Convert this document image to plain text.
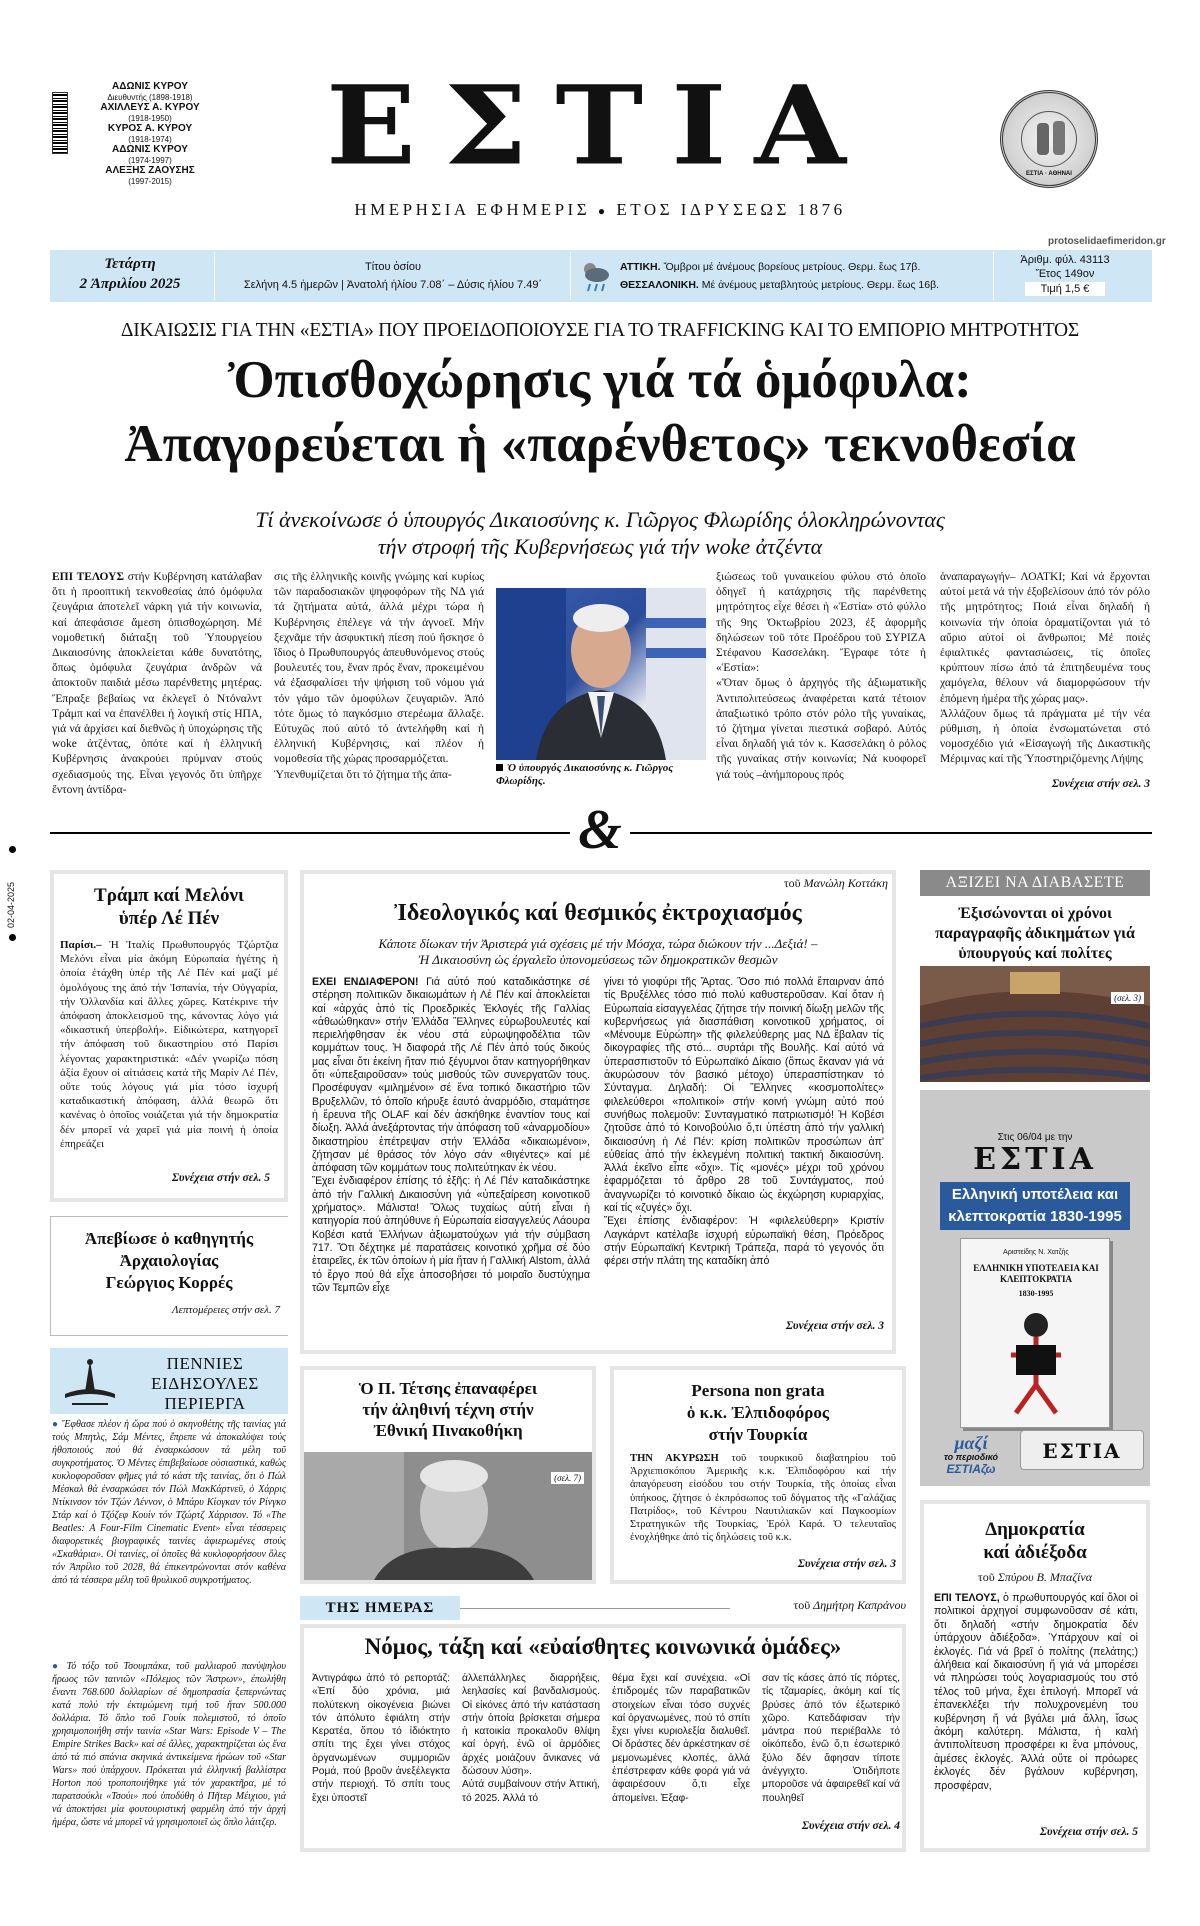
ΑΔΩΝΙΣ ΚΥΡΟΥ
Διευθυντής (1898-1918)
ΑΧΙΛΛΕΥΣ Α. ΚΥΡΟΥ
(1918-1950)
ΚΥΡΟΣ Α. ΚΥΡΟΥ
(1918-1974)
ΑΔΩΝΙΣ ΚΥΡΟΥ
(1974-1997)
ΑΛΕΞΗΣ ΖΑΟΥΣΗΣ
(1997-2015)	ΕΣΤΙΑ
ΗΜΕΡΗΣΙΑ ΕΦΗΜΕΡΙΣ ● ΕΤΟΣ ΙΔΡΥΣΕΩΣ 1876
ΕΣΤΙΑ · ΑΘΗΝΑΙ
protoselidaefimeridon.gr
Τετάρτη
2 Ἀπριλίου 2025
Τίτου ὁσίου
Σελήνη 4.5 ἡμερῶν | Ἀνατολή ἡλίου 7.08΄ – Δύσις ἡλίου 7.49΄
ΑΤΤΙΚΗ. Ὄμβροι μέ ἀνέμους βορείους μετρίους. Θερμ. ἕως 17β.
ΘΕΣΣΑΛΟΝΙΚΗ. Μέ ἀνέμους μεταβλητούς μετρίους. Θερμ. ἕως 16β.
Ἀριθμ. φύλ. 43113
Ἔτος 149ον
Τιμή 1,5 €
02-04-2025
ΔΙΚΑΙΩΣΙΣ ΓΙΑ ΤΗΝ «ΕΣΤΙΑ» ΠΟΥ ΠΡΟΕΙΔΟΠΟΙΟΥΣΕ ΓΙΑ ΤΟ TRAFFICKING ΚΑΙ ΤΟ ΕΜΠΟΡΙΟ ΜΗΤΡΟΤΗΤΟΣ
Ὀπισθοχώρησις γιά τά ὁμόφυλα:
Ἀπαγορεύεται ἡ «παρένθετος» τεκνοθεσία
Τί ἀνεκοίνωσε ὁ ὑπουργός Δικαιοσύνης κ. Γιῶργος Φλωρίδης ὁλοκληρώνοντας
τήν στροφή τῆς Κυβερνήσεως γιά τήν woke ἀτζέντα

ΕΠΙ ΤΕΛΟΥΣ στήν Κυβέρνηση κατάλαβαν ὅτι ἡ προοπτική τεκνοθεσίας ἀπό ὁμόφυλα ζευγάρια ἀποτελεῖ νάρκη γιά τήν κοινωνία, καί ἀπεφάσισε ἄμεση ὀπισθοχώρηση. Μέ νομοθετική διάταξη τοῦ Ὑπουργείου Δικαιοσύνης ἀποκλείεται κάθε δυνατότης, ὅπως ὁμόφυλα ζευγάρια ἀνδρῶν νά ἀποκτοῦν παιδιά μέσω παρένθετης μητέρας. Ἔπραξε βεβαίως να ἐκλεγεῖ ὁ Ντόναλντ Τράμπ καί να ἐπανέλθει ἡ λογική στίς ΗΠΑ, γιά νά ἀρχίσει καί διεθνῶς ἡ ὑποχώρησις τῆς woke ἀτζέντας, ὁπότε καί ἡ ἑλληνική Κυβέρνησις ἀνακρούει πρύμναν στούς σχεδιασμούς της. Εἶναι γεγονός ὅτι ὑπῆρχε ἔντονη ἀντίδρα-

σις τῆς ἑλληνικῆς κοινῆς γνώμης καί κυρίως τῶν παραδοσιακῶν ψηφοφόρων τῆς ΝΔ γιά τά ζητήματα αὐτά, ἀλλά μέχρι τώρα ἡ Κυβέρνησις ἐπέλεγε νά τήν ἀγνοεῖ. Μήν ξεχνᾶμε τήν ἀσφυκτική πίεση πού ἤσκησε ὁ ἴδιος ὁ Πρωθυπουργός ἀπευθυνόμενος στούς βουλευτές του, ἕναν πρός ἕναν, προκειμένου νά ἐξασφαλίσει τήν ψήφιση τοῦ νόμου γιά τόν γάμο τῶν ὁμοφύλων ζευγαριῶν. Ἀπό τότε ὅμως τό παγκόσμιο στερέωμα ἄλλαξε. Εὐτυχῶς πού αὐτό τό ἀντελήφθη καί ἡ ἑλληνική Κυβέρνησις, καί πλέον ἡ νομοθεσία τῆς χώρας προσαρμόζεται.
Ὑπενθυμίζεται ὅτι τό ζήτημα τῆς ἀπα-

Ὁ ὑπουργός Δικαιοσύνης κ. Γιῶργος Φλωρίδης.

ξιώσεως τοῦ γυναικείου φύλου στό ὁποῖο ὁδηγεῖ ἡ κατάχρησις τῆς παρένθετης μητρότητος εἶχε θέσει ἡ «Ἑστία» στό φύλλο τῆς 9ης Ὀκτωβρίου 2023, ἐξ ἀφορμῆς δηλώσεων τοῦ τότε Προέδρου τοῦ ΣΥΡΙΖΑ Στέφανου Κασσελάκη. Ἔγραφε τότε ἡ «Ἑστία»:
«Ὅταν ὅμως ὁ ἀρχηγός τῆς ἀξιωματικῆς Ἀντιπολιτεύσεως ἀναφέρεται κατά τέτοιον ἀπαξιωτικό τρόπο στόν ρόλο τῆς γυναίκας, τό ζήτημα γίνεται πιεστικά σοβαρό. Αὐτός εἶναι δηλαδή γιά τόν κ. Κασσελάκη ὁ ρόλος τῆς γυναίκας στήν κοινωνία; Νά κυοφορεῖ γιά τούς –ἀνήμπορους πρός

ἀναπαραγωγήν– ΛΟΑΤΚΙ; Καί νά ἔρχονται αὐτοί μετά νά τήν ἐξοβελίσουν ἀπό τόν ρόλο τῆς μητρότητος; Ποιά εἶναι δηλαδή ἡ κοινωνία τήν ὁποία ὁραματίζονται γιά τό αὔριο αὐτοί οἱ ἄνθρωποι; Μέ ποιές ἐφιαλτικές φαντασιώσεις, τίς ὁποῖες κρύπτουν πίσω ἀπό τά ἐπιτηδευμένα τους χαμόγελα, θέλουν νά διαμορφώσουν τήν ἑπόμενη ἡμέρα τῆς χώρας μας».
Ἀλλάζουν ὅμως τά πράγματα μέ τήν νέα ρύθμιση, ἡ ὁποία ἐνσωματώνεται στό νομοσχέδιο γιά «Εἰσαγωγή τῆς Δικαστικῆς Μέριμνας καί τῆς Ὑποστηριζόμενης Λήψης

Συνέχεια στήν σελ. 3
&
Τράμπ καί Μελόνι
ὑπέρ Λέ Πέν

Παρίσι.– Ἡ Ἰταλίς Πρωθυπουργός Τζώρτζια Μελόνι εἶναι μία ἀκόμη Εὐρωπαία ἡγέτης ἡ ὁποία ἐτάχθη ὑπέρ τῆς Λέ Πέν καί μαζί μέ ὁμολόγους της ἀπό τήν Ἰσπανία, τήν Οὐγγαρία, τήν Ὁλλανδία καί ἄλλες χῶρες. Κατέκρινε τήν ἀπόφαση ἀποκλεισμοῦ της, κάνοντας λόγο γιά «δικαστική ὑπερβολή». Εἰδικώτερα, κατηγορεῖ τήν ἀπόφαση τοῦ δικαστηρίου στό Παρίσι λέγοντας χαρακτηριστικά: «Δέν γνωρίζω πόση ἀξία ἔχουν οἱ αἰτιάσεις κατά τῆς Μαρίν Λέ Πέν, οὔτε τούς λόγους γιά μία τόσο ἰσχυρή καταδικαστική ἀπόφαση, ἀλλά θεωρῶ ὅτι κανένας ὁ ὁποῖος νοιάζεται γιά τήν δημοκρατία δέν μπορεῖ νά χαρεῖ γιά μία ποινή ἡ ὁποία ἐπηρεάζει

Συνέχεια στήν σελ. 5
Ἀπεβίωσε ὁ καθηγητής
Ἀρχαιολογίας
Γεώργιος Κορρές
Λεπτομέρειες στήν σελ. 7
ΠΕΝΝΙΕΣ
ΕΙΔΗΣΟΥΛΕΣ
ΠΕΡΙΕΡΓΑ

● Ἔφθασε πλέον ἡ ὥρα πού ὁ σκηνοθέτης τῆς ταινίας γιά τούς Μπητλς, Σάμ Μέντες, ἔπρεπε νά ἀποκαλύψει τούς ἠθοποιούς πού θά ἐνσαρκώσουν τά μέλη τοῦ συγκροτήματος. Ὁ Μέντες ἐπιβεβαίωσε οὐσιαστικά, καθώς κυκλοφοροῦσαν φῆμες γιά τό κάστ τῆς ταινίας, ὅτι ὁ Πώλ Μέσκαλ θά ἐνσαρκώσει τόν Πώλ ΜακΚάρτνεϋ, ὁ Χάρρις Ντίκινσον τόν Τζών Λέννον, ὁ Μπάρυ Κίογκαν τόν Ρίνγκο Στάρ καί ὁ Τζόζεφ Κουίν τόν Τζώρτζ Χάρρισον. Τό «The Beatles: A Four-Film Cinematic Event» εἶναι τέσσερεις διαφορετικές βιογραφικές ταινίες ἀφιερωμένες στούς «Σκαθάρια». Οἱ ταινίες, οἱ ὁποῖες θά κυκλοφορήσουν ὅλες τόν Ἀπρίλιο τοῦ 2028, θά ἐπικεντρώνονται στόν καθένα ἀπό τά τέσσερα μέλη τοῦ θρυλικοῦ συγκροτήματος.

● Τό τόξο τοῦ Τσουμπάκα, τοῦ μαλλιαροῦ πανύψηλου ἥρωος τῶν ταινιῶν «Πόλεμος τῶν Ἄστρων», ἐπωλήθη ἔναντι 768.600 δολλαρίων σέ δημοπρασία ξεπερνώντας κατά πολύ τήν ἐκτιμώμενη τιμή τοῦ ἤταν 500.000 δολλάρια. Τό ὅπλο τοῦ Γουίκ πολεμιστοῦ, τό ὁποῖο χρησιμοποιήθη στήν ταινία «Star Wars: Episode V – The Empire Strikes Back» καί σέ ἄλλες, χαρακτηρίζεται ὡς ἕνα ἀπό τά πιό σπάνια σκηνικά ἀντικείμενα ἡρώων τοῦ «Star Wars» πού ὑπάρχουν. Πρόκειται γιά ἑλληνική βαλλίστρα Horton πού τροποποιήθηκε γιά τόν χαρακτῆρα, μέ τό παρατσούκλι «Τσούι» πού ὑποδύθη ὁ Πῆτερ Μέιχιου, γιά νά ἀποκτήσει μία φουτουριστική φαρμέλη ἀπό τήν ἀρχή ἡμέρα, ὥστε νά μπορεῖ νά γρησιμοποιεῖ ὡς ὅπλο λάιτζερ.

τοῦ Μανώλη Κοττάκη
Ἰδεολογικός καί θεσμικός ἐκτροχιασμός
Κάποτε δίωκαν τήν Ἀριστερά γιά σχέσεις μέ τήν Μόσχα, τώρα διώκουν τήν ...Δεξιά! –
Ἡ Δικαιοσύνη ὡς ἐργαλεῖο ὑπονομεύσεως τῶν δημοκρατικῶν θεσμῶν

ΕΧΕΙ ΕΝΔΙΑΦΕΡΟΝ! Γιά αὐτό πού καταδικάστηκε σέ στέρηση πολιτικῶν δικαιωμάτων ἡ Λέ Πέν καί ἀποκλείεται καί «ἀρχάς ἀπό τίς Προεδρικές Ἐκλογές τῆς Γαλλίας «ἀθωώθηκαν» στήν Ἑλλάδα Ἕλληνες εὐρωβουλευτές καί περιελήφθησαν ἐκ νέου στά εὐρωψηφοδέλτια τῶν κομμάτων τους. Ἡ διαφορά τῆς Λέ Πέν ἀπό τούς δικούς μας εἶναι ὅτι ἐκείνη ἤταν πιό ξέγυμνοι ὅταν κατηγορήθηκαν ὅτι «ὑπεξαιροῦσαν» τούς μισθούς τῶν συνεργατῶν τους. Προσέφυγαν «μιλημένοι» σέ ἕνα τοπικό δικαστήριο τῶν Βρυξελλῶν, τό ὁποῖο κήρυξε ἑαυτό ἀναρμόδιο, σταμάτησε ἡ ἔρευνα τῆς OLAF καί δέν ἀσκήθηκε ἐναντίον τους καί δίωξη. Ἀλλά ἀνεξάρτοντας τήν ἀπόφαση τοῦ «ἀναρμοδίου» δικαστηρίου ἐπέτρεψαν στήν Ἑλλάδα «δικαιωμένοι», ζήτησαν μέ θράσος τόν λόγο σάν «θιγέντες» καί μέ ἀπόφαση τῶν κομμάτων τους πολιτεύτηκαν ἐκ νέου.
Ἔχει ἐνδιαφέρον ἐπίσης τό ἑξῆς: ἡ Λέ Πέν καταδικάστηκε ἀπό τήν Γαλλική Δικαιοσύνη γιά «ὑπεξαίρεση κοινοτικοῦ χρήματος». Μάλιστα! Ὅλως τυχαίως αὐτή εἶναι ἡ κατηγορία πού ἀπηύθυνε ἡ Εὐρωπαία εἰσαγγελεύς Λάουρα Κοβέσι κατά Ἑλλήνων ἀξιωματούχων γιά τήν σύμβαση 717. Ὅτι δέχτηκε μέ παρατάσεις κοινοτικό χρῆμα σέ δύο ἑταιρεῖες, ἐκ τῶν ὁποίων ἡ μία ἤταν ἡ Γαλλική Alstom, ἀλλά τό ἔργο πού θά εἶχε ἀποσοβήσει τό μοιραῖο δυστύχημα τῶν Τεμπῶν εἶχε

γίνει τό γιοφύρι τῆς Ἄρτας. Ὅσο πιό πολλά ἔπαιρναν ἀπό τίς Βρυξέλλες τόσο πιό πολύ καθυστεροῦσαν. Καί ὅταν ἡ Εὐρωπαία εἰσαγγελέας ζήτησε τήν ποινική δίωξη μελῶν τῆς κυβερνήσεως γιά διασπάθιση κοινοτικοῦ χρήματος, οἱ «Μένουμε Εὐρώπη» τῆς φιλελεύθερης μας ΝΔ ἔβαλαν τίς δικογραφίες τῆς στό... συρτάρι τῆς Βουλῆς. Καί αὐτό νά ὑπερασπιστοῦν τό Εὐρωπαϊκό Δίκαιο (ὅπως ἔκαναν γιά νά ἀκυρώσουν τόν βασικό μέτοχο) ὑπερασπίστηκαν τό Σύνταγμα. Δηλαδή: Οἱ Ἕλληνες «κοσμοπολίτες» φιλελεύθεροι «πολιτικοί» στήν κοινή γνώμη αὐτό πού συνήθως πολεμοῦν: Συνταγματικό πατριωτισμό! Ἡ Κοβέσι ζητοῦσε ἀπό τό Κοινοβούλιο ὅ,τι ὑπέστη ἀπό τήν γαλλική δικαιοσύνη ἡ Λέ Πέν: κρίση πολιτικῶν προσώπων ἀπ' εὐθείας ἀπό τήν ἐκλεγμένη πολιτική τακτική δικαιοσύνη. Ἀλλά ἐκεῖνο εἶπε «ὄχι». Τίς «μονές» μέχρι τοῦ χρόνου ἐφαρμόζεται τό ἄρθρο 28 τοῦ Συντάγματος, πού ἀναγνωρίζει τό κοινοτικό δίκαιο ὡς ἐκχώρηση κυριαρχίας, καί τίς «ζυγές» ὄχι.
Ἔχει ἐπίσης ἐνδιαφέρον: Ἡ «φιλελεύθερη» Κριστίν Λαγκάρντ κατέλαβε ἰσχυρή εὐρωπαϊκή θέση, Πρόεδρος στήν Εὐρωπαϊκή Κεντρική Τράπεζα, παρά τό γεγονός ὅτι φέρει στήν πλάτη της καταδίκη ἀπό

Συνέχεια στήν σελ. 3
ΑΞΙΖΕΙ ΝΑ ΔΙΑΒΑΣΕΤΕ
Ἐξισώνονται οἱ χρόνοι παραγραφῆς ἀδικημάτων γιά ὑπουργούς καί πολίτες
(σελ. 3)
Στις 06/04 με την
ΕΣΤΙΑ
Ελληνική υποτέλεια και κλεπτοκρατία 1830-1995
Αριστείδης Ν. Χατζής
ΕΛΛΗΝΙΚΗ ΥΠΟΤΕΛΕΙΑ ΚΑΙ ΚΛΕΠΤΟΚΡΑΤΙΑ
1830-1995
μαζί
το περιοδικό
ΕΣΤΙΑζω
ΕΣΤΙΑ
Ὁ Π. Τέτσης ἐπαναφέρει
τήν ἀληθινή τέχνη στήν
Ἐθνική Πινακοθήκη
(σελ. 7)
Persona non grata
ὁ κ.κ. Ἐλπιδοφόρος
στήν Τουρκία

ΤΗΝ ΑΚΥΡΩΣΗ τοῦ τουρκικοῦ διαβατηρίου τοῦ Ἀρχιεπισκόπου Ἀμερικῆς κ.κ. Ἐλπιδοφόρου καί τήν ἀπαγόρευση εἰσόδου του στήν Τουρκία, τῆς ὁποίας εἶναι ὑπήκοος, ζήτησε ὁ ἐκπρόσωπος τοῦ δόγματος τῆς «Γαλάζιας Πατρίδος», τοῦ Κέντρου Ναυτιλιακῶν καί Παγκοσμίων Στρατηγικῶν τῆς Τουρκίας, Ἐρόλ Καρά. Ὁ τελευταῖος ἐνοχλήθηκε ἀπό τίς δηλώσεις τοῦ κ.κ.

Συνέχεια στήν σελ. 3
ΤΗΣ ΗΜΕΡΑΣ	τοῦ Δημήτρη Καπράνου
Νόμος, τάξη καί «εὐαίσθητες κοινωνικά ὁμάδες»

Ἀντιγράφω ἀπό τό ρεπορτάζ: «Ἐπί δύο χρόνια, μιά πολύτεκνη οἰκογένεια βιώνει τόν ἀπόλυτο ἐφιάλτη στήν Κερατέα, ὅπου τό ἰδιόκτητο σπίτι της ἔχει γίνει στόχος ὀργανωμένων συμμοριῶν Ρομά, πού βροῦν ἀνεξέλεγκτα στήν περιοχή. Τό σπίτι τους ἔχει ὑποστεῖ

ἀλλεπάλληλες διαρρήξεις, λεηλασίες καί βανδαλισμούς. Οἱ εἰκόνες ἀπό τήν κατάσταση στήν ὁποία βρίσκεται σήμερα ἡ κατοικία προκαλοῦν θλίψη καί ὀργή, ἐνῶ οἱ ἁρμόδιες ἀρχές μοιάζουν ἄνικανες νά δώσουν λύση».
Αὐτά συμβαίνουν στήν Ἀττική, τό 2025. Ἀλλά τό

θέμα ἔχει καί συνέχεια. «Οἱ ἐπιδρομές τῶν παραβατικῶν στοιχείων εἶναι τόσο συχνές καί ὀργανωμένες, πού τό σπίτι ἔχει γίνει κυριολεξία διαλυθεῖ. Οἱ δράστες δέν ἀρκέστηκαν σέ μεμονωμένες κλοπές, ἀλλά ἐπέστρεφαν κάθε φορά γιά νά ἀφαιρέσουν ὅ,τι εἶχε ἀπομείνει. Ἐξαφ-

σαν τίς κάσες ἀπό τίς πόρτες, τίς τζαμαρίες, ἀκόμη καί τίς βρύσες ἀπό τόν ἐξωτερικό χῶρο. Κατεδάφισαν τήν μάντρα πού περιέβαλλε τό οἰκόπεδο, ἐνῶ ὅ,τι ἐσωτερικό ξύλο δέν ἄφησαν τίποτε ἀνέγγιχτο. Ὁτιδήποτε μποροῦσε νά ἀφαιρεθεῖ καί νά πουληθεῖ

Συνέχεια στήν σελ. 4
Δημοκρατία
καί ἀδιέξοδα
τοῦ Σπύρου Β. Μπαζίνα

ΕΠΙ ΤΕΛΟΥΣ, ὁ πρωθυπουργός καί ὅλοι οἱ πολιτικοί ἀρχηγοί συμφωνοῦσαν σέ κάτι, ὅτι δηλαδή «στήν δημοκρατία δέν ὑπάρχουν ἀδιέξοδα». Ὑπάρχουν καί οἱ ἐκλογές. Γιά νά βρεῖ ὁ πολίτης (πελάτης;) ἀλήθεια καί δικαιοσύνη ἤ γιά νά μπορέσει νά πληρώσει τούς λογαριασμούς του στό τέλος τοῦ μήνα, ἔχει ἐπιλογή. Μπορεῖ νά ἐπανεκλέξει τήν πολυχρονεμένη του κυβέρνηση ἤ νά βγάλει μιά ἄλλη, ἴσως ἀκόμη καλύτερη. Μάλιστα, ἡ καλή ἀντιπολίτευση προσφέρει κι ἕνα μπόνους, ἀμέσες ἐκλογές. Ἀλλά οὔτε οἱ πρόωρες ἐκλογές δέν βγάλουν κυβέρνηση, προσφέραν,

Συνέχεια στήν σελ. 5
